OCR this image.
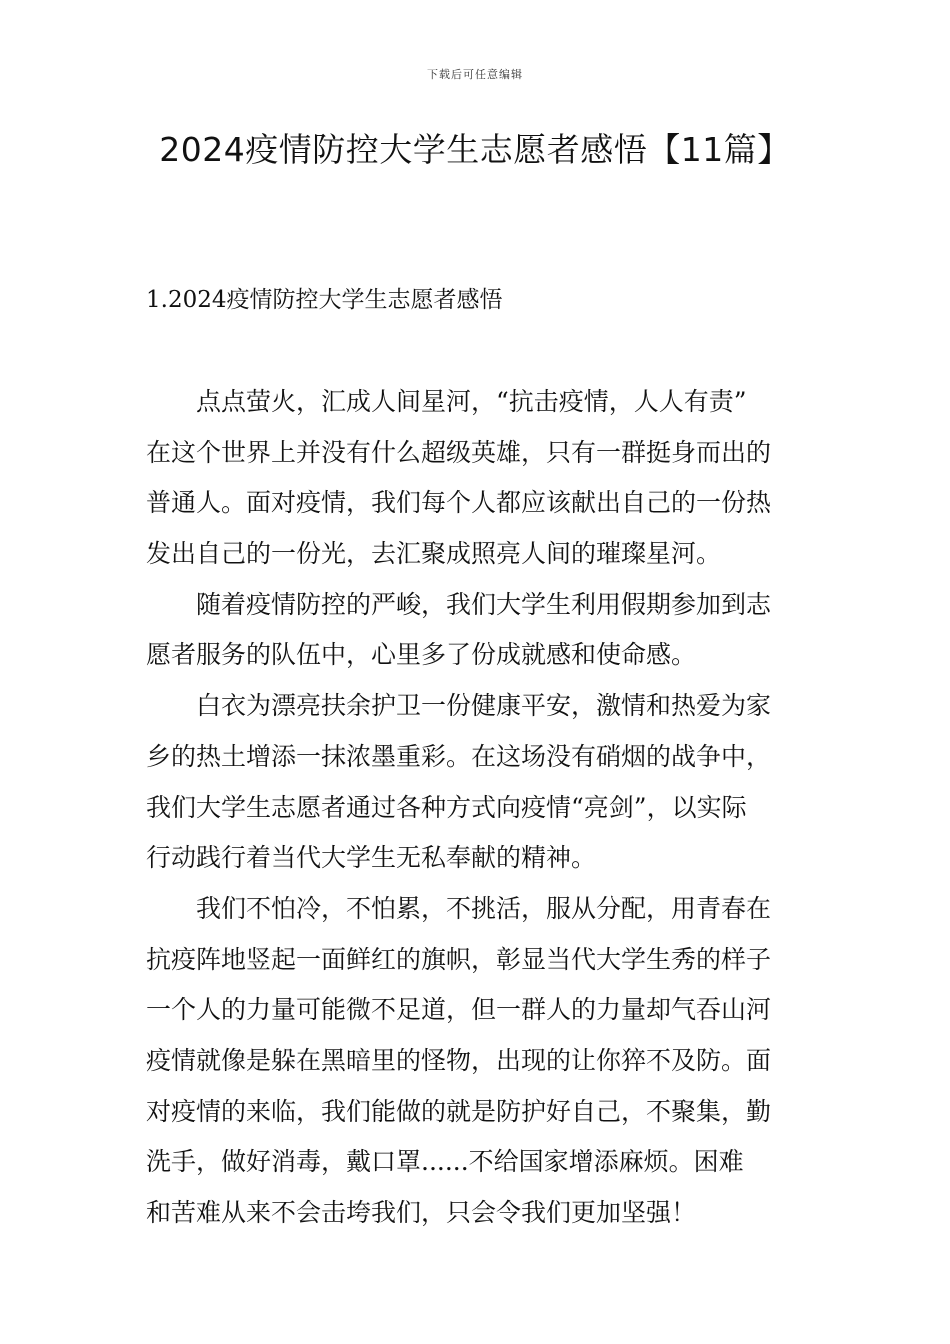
下载后可任意编辑
2024疫情防控大学生志愿者感悟【11篇】
1.2024疫情防控大学生志愿者感悟

点点萤火，汇成人间星河，“抗击疫情，人人有责”
在这个世界上并没有什么超级英雄，只有一群挺身而出的
普通人。面对疫情，我们每个人都应该献出自己的一份热
发出自己的一份光，去汇聚成照亮人间的璀璨星河。

随着疫情防控的严峻，我们大学生利用假期参加到志
愿者服务的队伍中，心里多了份成就感和使命感。

白衣为漂亮扶余护卫一份健康平安，激情和热爱为家
乡的热土增添一抹浓墨重彩。在这场没有硝烟的战争中，
我们大学生志愿者通过各种方式向疫情“亮剑”，以实际
行动践行着当代大学生无私奉献的精神。

我们不怕冷，不怕累，不挑活，服从分配，用青春在
抗疫阵地竖起一面鲜红的旗帜，彰显当代大学生秀的样子
一个人的力量可能微不足道，但一群人的力量却气吞山河
疫情就像是躲在黑暗里的怪物，出现的让你猝不及防。面
对疫情的来临，我们能做的就是防护好自己，不聚集，勤
洗手，做好消毒，戴口罩......不给国家增添麻烦。困难
和苦难从来不会击垮我们，只会令我们更加坚强！
